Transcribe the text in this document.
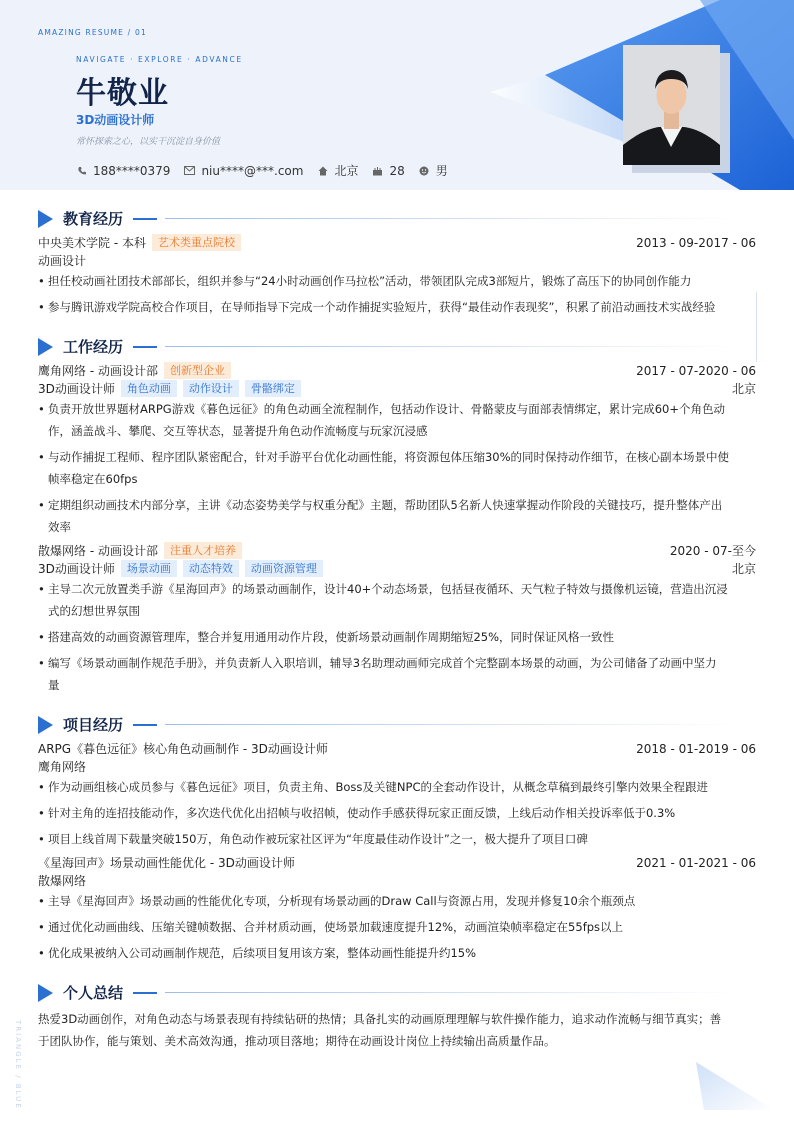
AMAZING RESUME / 01
NAVIGATE · EXPLORE · ADVANCE
牛敬业
3D动画设计师
常怀探索之心，以实干沉淀自身价值
188****0379	niu****@***.com	北京	28	男
TRIANGLE / BLUE
教育经历
中央美术学院 - 本科	艺术类重点院校	2013 - 09-2017 - 06
动画设计
• 担任校动画社团技术部部长，组织并参与“24小时动画创作马拉松”活动，带领团队完成3部短片，锻炼了高压下的协同创作能力
• 参与腾讯游戏学院高校合作项目，在导师指导下完成一个动作捕捉实验短片，获得“最佳动作表现奖”，积累了前沿动画技术实战经验
工作经历
鹰角网络 - 动画设计部	创新型企业	2017 - 07-2020 - 06
3D动画设计师	角色动画	动作设计	骨骼绑定	北京
• 负责开放世界题材ARPG游戏《暮色远征》的角色动画全流程制作，包括动作设计、骨骼蒙皮与面部表情绑定，累计完成60+个角色动
作，涵盖战斗、攀爬、交互等状态，显著提升角色动作流畅度与玩家沉浸感
• 与动作捕捉工程师、程序团队紧密配合，针对手游平台优化动画性能，将资源包体压缩30%的同时保持动作细节，在核心副本场景中使
帧率稳定在60fps
• 定期组织动画技术内部分享，主讲《动态姿势美学与权重分配》主题，帮助团队5名新人快速掌握动作阶段的关键技巧，提升整体产出
效率
散爆网络 - 动画设计部	注重人才培养	2020 - 07-至今
3D动画设计师	场景动画	动态特效	动画资源管理	北京
• 主导二次元放置类手游《星海回声》的场景动画制作，设计40+个动态场景，包括昼夜循环、天气粒子特效与摄像机运镜，营造出沉浸
式的幻想世界氛围
• 搭建高效的动画资源管理库，整合并复用通用动作片段，使新场景动画制作周期缩短25%，同时保证风格一致性
• 编写《场景动画制作规范手册》，并负责新人入职培训，辅导3名助理动画师完成首个完整副本场景的动画，为公司储备了动画中坚力
量
项目经历
ARPG《暮色远征》核心角色动画制作 - 3D动画设计师	2018 - 01-2019 - 06
鹰角网络
• 作为动画组核心成员参与《暮色远征》项目，负责主角、Boss及关键NPC的全套动作设计，从概念草稿到最终引擎内效果全程跟进
• 针对主角的连招技能动作，多次迭代优化出招帧与收招帧，使动作手感获得玩家正面反馈，上线后动作相关投诉率低于0.3%
• 项目上线首周下载量突破150万，角色动作被玩家社区评为“年度最佳动作设计”之一，极大提升了项目口碑
《星海回声》场景动画性能优化 - 3D动画设计师	2021 - 01-2021 - 06
散爆网络
• 主导《星海回声》场景动画的性能优化专项，分析现有场景动画的Draw Call与资源占用，发现并修复10余个瓶颈点
• 通过优化动画曲线、压缩关键帧数据、合并材质动画，使场景加载速度提升12%，动画渲染帧率稳定在55fps以上
• 优化成果被纳入公司动画制作规范，后续项目复用该方案，整体动画性能提升约15%
个人总结
热爱3D动画创作，对角色动态与场景表现有持续钻研的热情；具备扎实的动画原理理解与软件操作能力，追求动作流畅与细节真实；善
于团队协作，能与策划、美术高效沟通，推动项目落地；期待在动画设计岗位上持续输出高质量作品。
